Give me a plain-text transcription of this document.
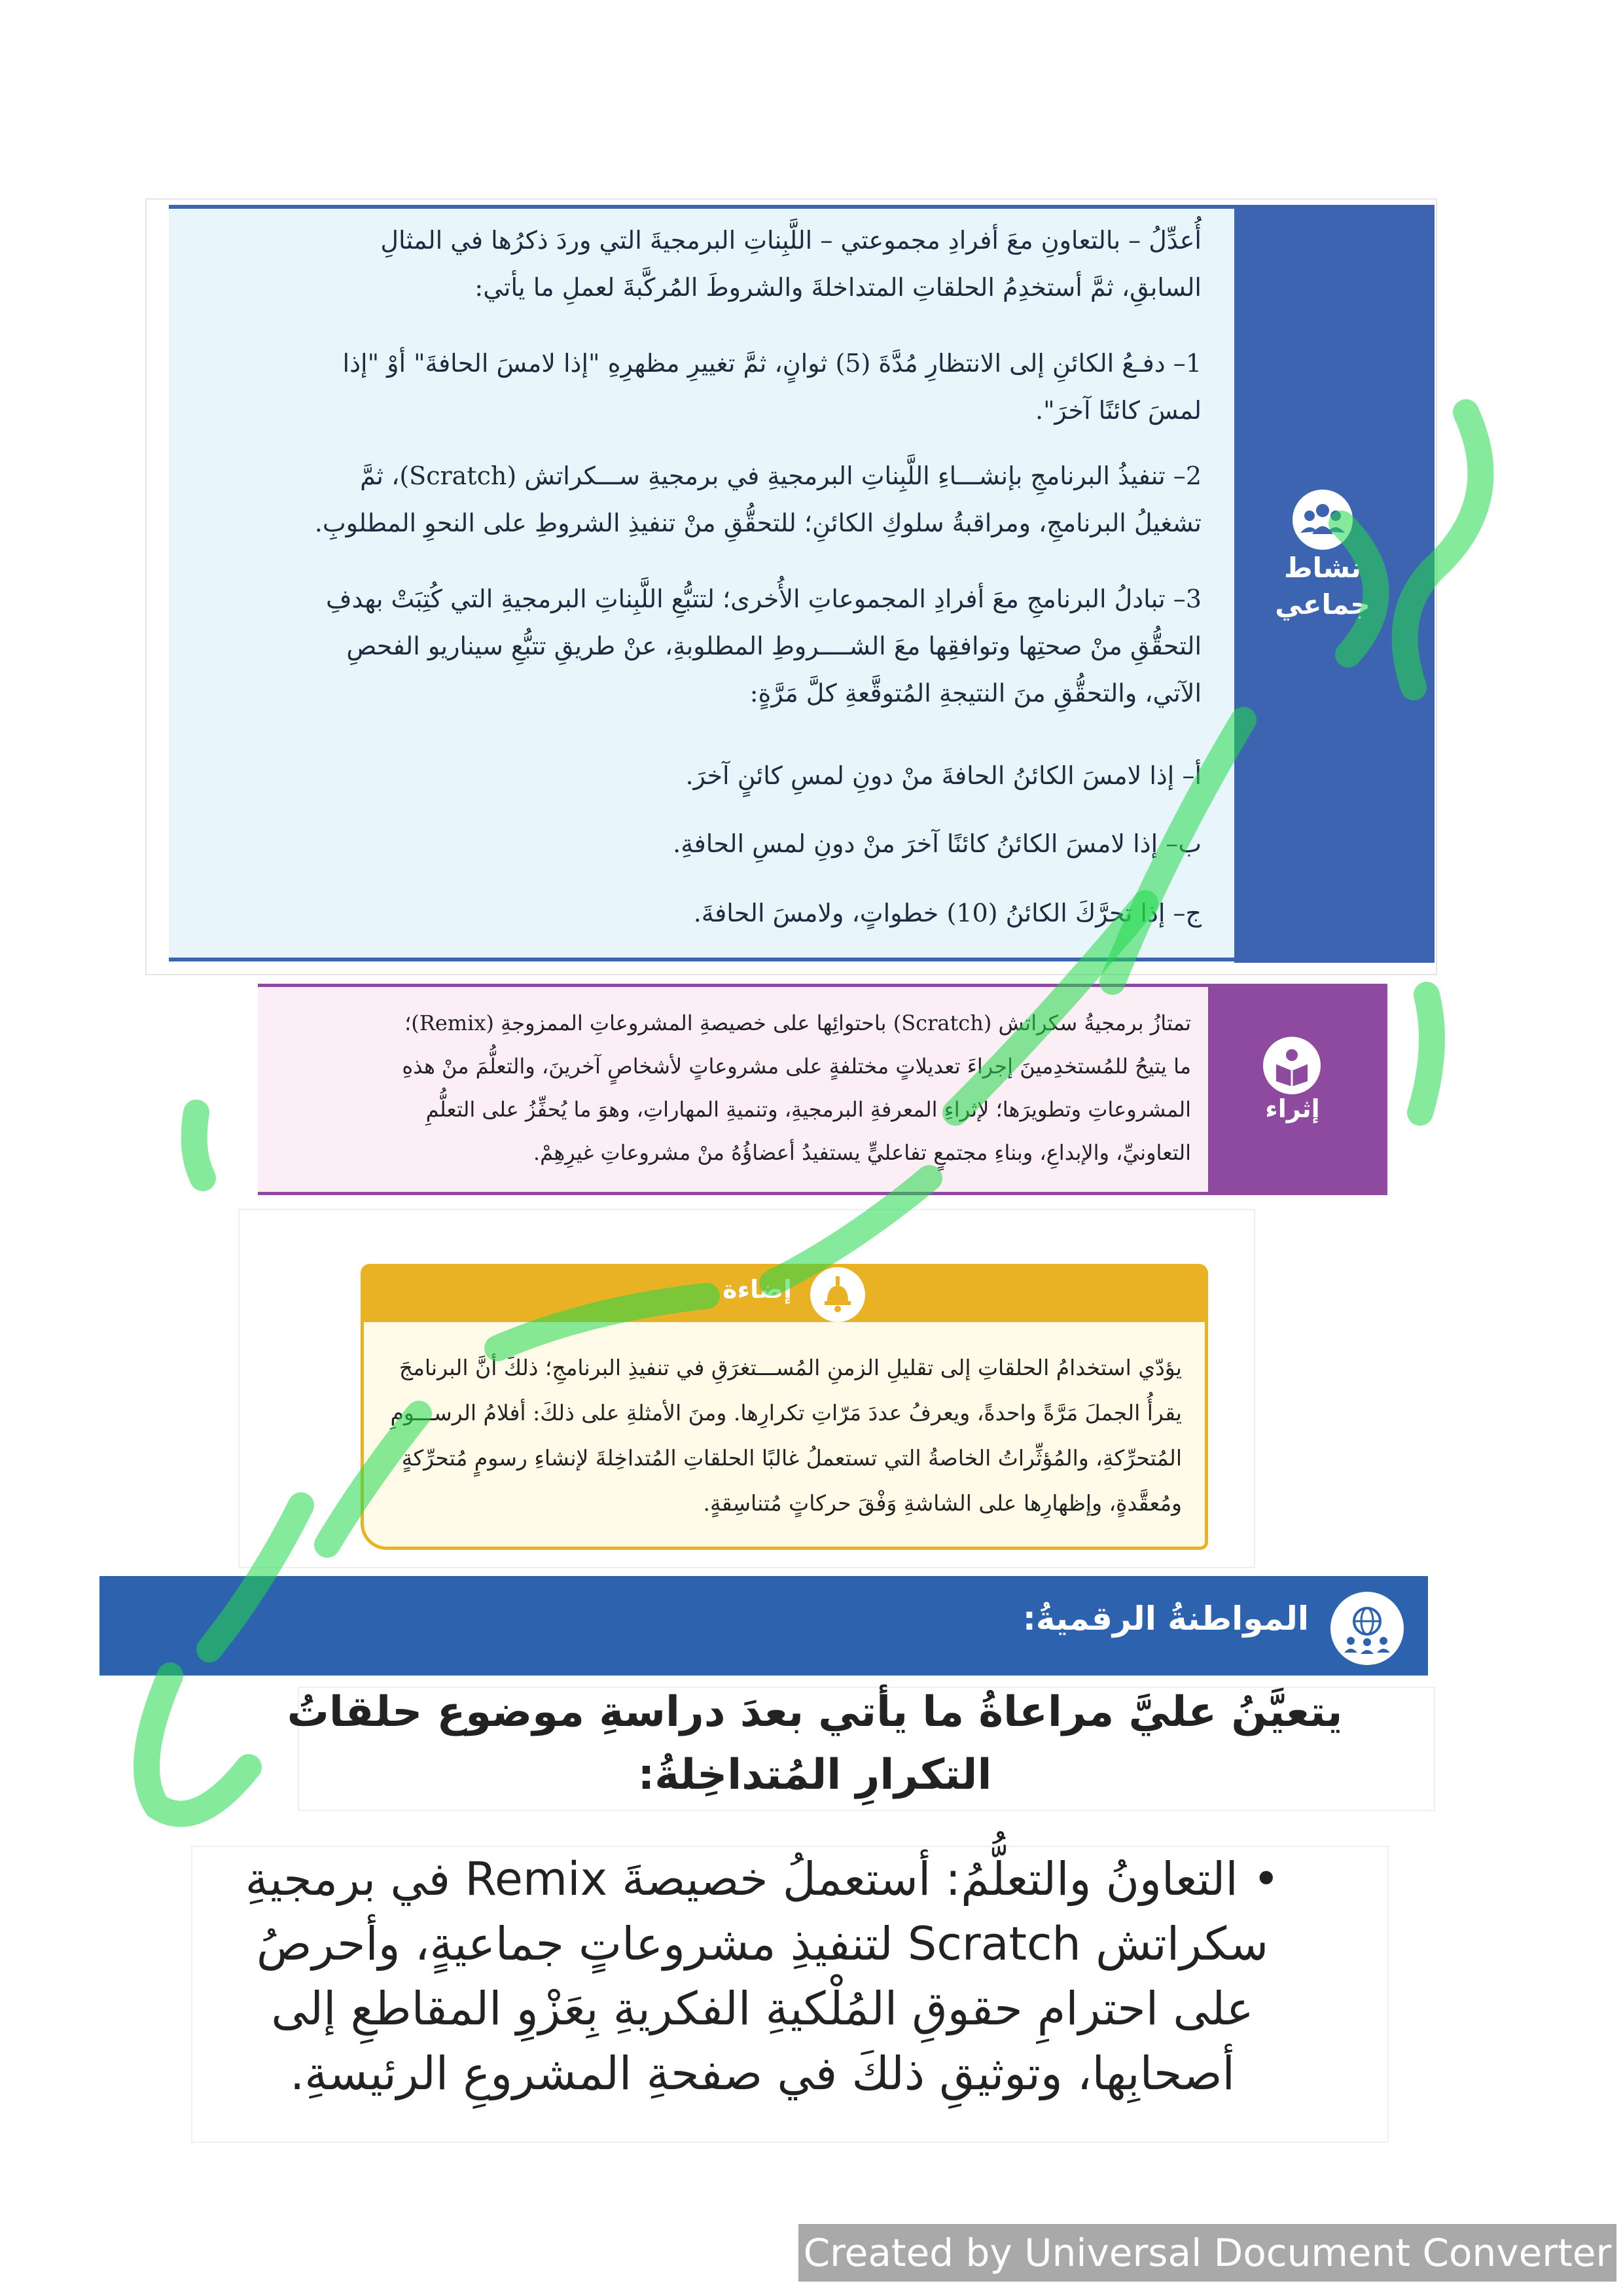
أُعدِّلُ – بالتعاونِ معَ أفرادِ مجموعتي – اللَّبِناتِ البرمجيةَ التي وردَ ذكرُها في المثالِ السابقِ، ثمَّ أستخدِمُ الحلقاتِ المتداخلةَ والشروطَ المُركَّبةَ لعملِ ما يأتي:

1– دفـعُ الكائنِ إلى الانتظارِ مُدَّةَ (5) ثوانٍ، ثمَّ تغييرِ مظهرِهِ "إذا لامسَ الحافةَ" أوْ "إذا لمسَ كائنًا آخرَ".

2– تنفيذُ البرنامجِ بإنشـــاءِ اللَّبِناتِ البرمجيةِ في برمجيةِ ســـكراتش (Scratch)، ثمَّ تشغيلُ البرنامجِ، ومراقبةُ سلوكِ الكائنِ؛ للتحقُّقِ منْ تنفيذِ الشروطِ على النحوِ المطلوبِ.

3– تبادلُ البرنامجِ معَ أفرادِ المجموعاتِ الأُخرى؛ لتتبُّعِ اللَّبِناتِ البرمجيةِ التي كُتِبَتْ بهدفِ التحقُّقِ منْ صحتِها وتوافقِها معَ الشــــروطِ المطلوبةِ، عنْ طريقِ تتبُّعِ سيناريو الفحصِ الآتي، والتحقُّقِ منَ النتيجةِ المُتوقَّعةِ كلَّ مَرَّةٍ:

أ– إذا لامسَ الكائنُ الحافةَ منْ دونِ لمسِ كائنٍ آخرَ.

ب– إذا لامسَ الكائنُ كائنًا آخرَ منْ دونِ لمسِ الحافةِ.

ج– إذا تحرَّكَ الكائنُ (10) خطواتٍ، ولامسَ الحافةَ.

نشاط
جماعي
إثراء

تمتازُ برمجيةُ سكراتش (Scratch) باحتوائِها على خصيصةِ المشروعاتِ الممزوجةِ (Remix)؛ ما يتيحُ للمُستخدِمينَ إجراءَ تعديلاتٍ مختلفةٍ على مشروعاتٍ لأشخاصٍ آخرينَ، والتعلُّمَ منْ هذهِ المشروعاتِ وتطويرَها؛ لإثراءِ المعرفةِ البرمجيةِ، وتنميةِ المهاراتِ، وهوَ ما يُحفِّزُ على التعلُّمِ التعاونيِّ، والإبداعِ، وبناءِ مجتمعٍ تفاعليٍّ يستفيدُ أعضاؤُهُ منْ مشروعاتِ غيرِهِمْ.

إضاءة

يؤدّي استخدامُ الحلقاتِ إلى تقليلِ الزمنِ المُســـتغرَقِ في تنفيذِ البرنامجِ؛ ذلكَ أنَّ البرنامجَ يقرأُ الجملَ مَرَّةً واحدةً، ويعرفُ عددَ مَرّاتِ تكرارِها. ومنَ الأمثلةِ على ذلكَ: أفلامُ الرســـومِ المُتحرِّكةِ، والمُؤثِّراتُ الخاصةُ التي تستعملُ غالبًا الحلقاتِ المُتداخِلةَ لإنشاءِ رسومٍ مُتحرِّكةٍ ومُعقَّدةٍ، وإظهارِها على الشاشةِ وَفْقَ حركاتٍ مُتناسِقةٍ.

المواطنةُ الرقميةُ:

يتعيَّنُ عليَّ مراعاةُ ما يأتي بعدَ دراسةِ موضوع حلقاتُ التكرارِ المُتداخِلةُ:

• التعاونُ والتعلُّمُ: أستعملُ خصيصةَ Remix في برمجيةِ سكراتش Scratch لتنفيذِ مشروعاتٍ جماعيةٍ، وأحرصُ على احترامِ حقوقِ المُلْكيةِ الفكريةِ بِعَزْوِ المقاطعِ إلى أصحابِها، وتوثيقِ ذلكَ في صفحةِ المشروعِ الرئيسةِ.

Created by Universal Document Converter
